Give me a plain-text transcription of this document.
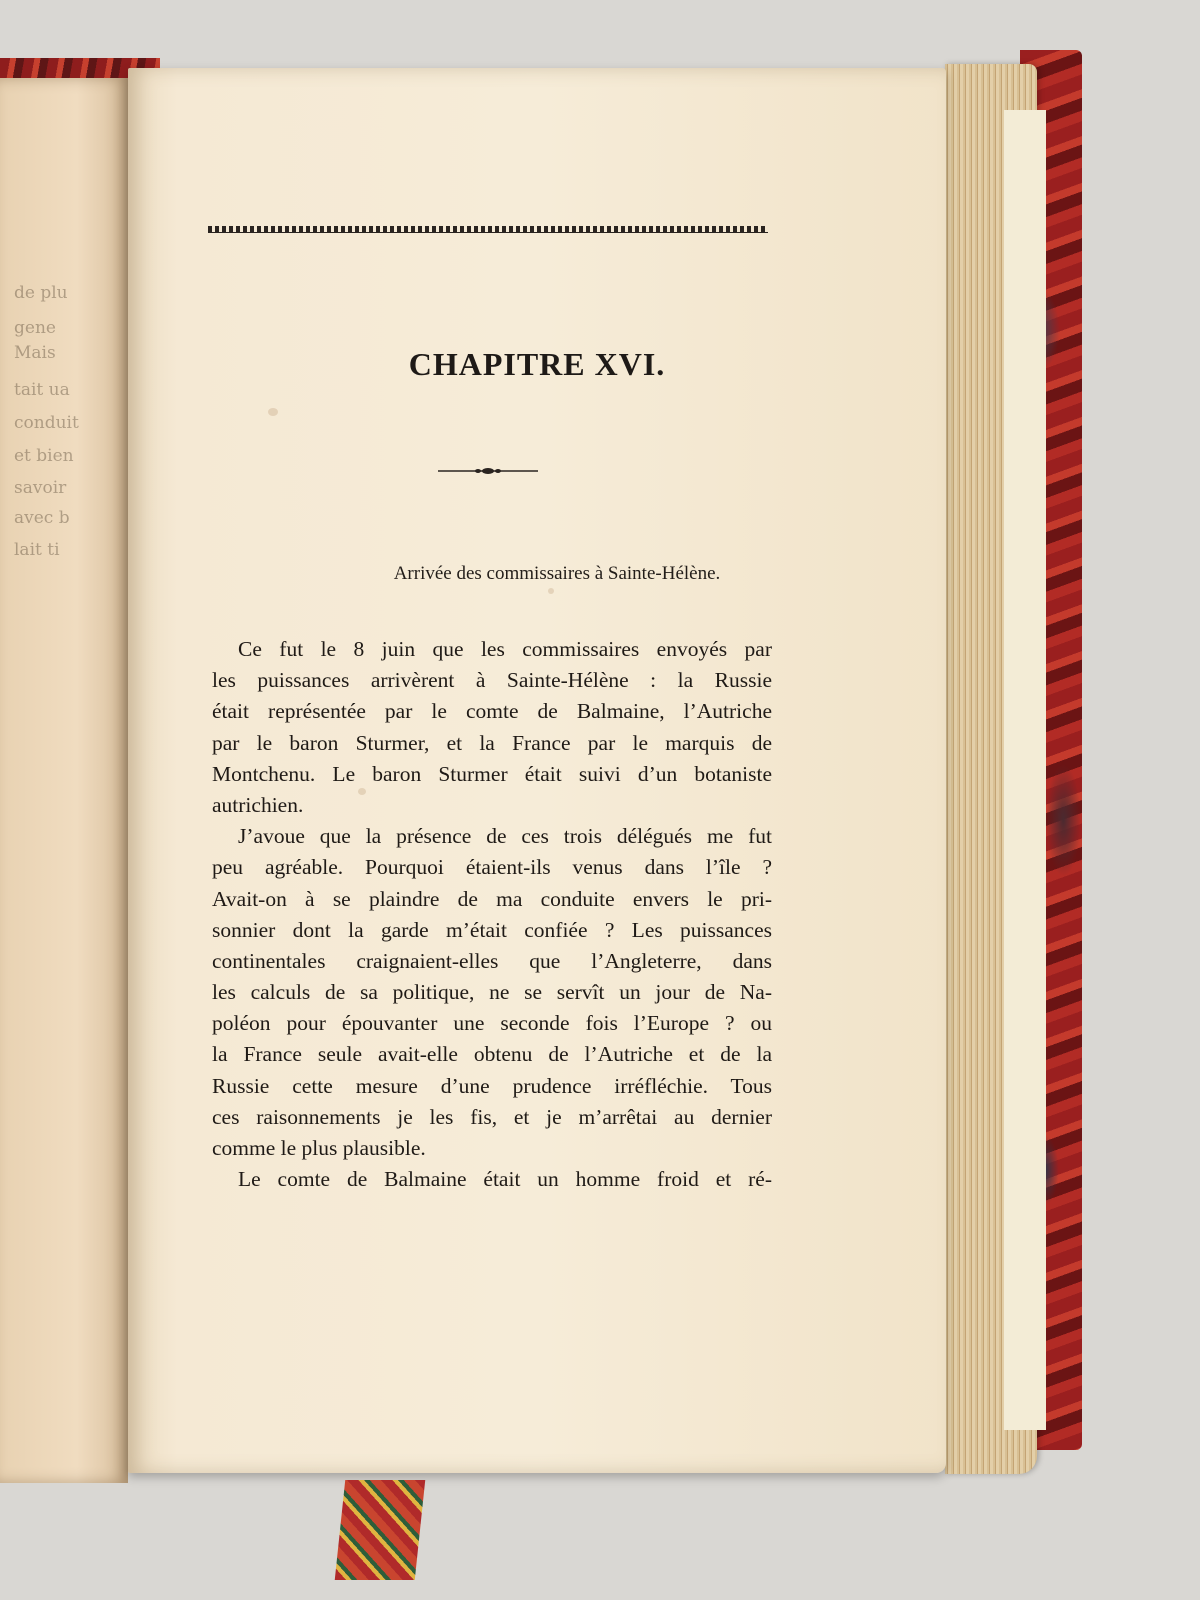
de plu
gene
Mais
tait ua
conduit
et bien
savoir
avec b
lait ti
CHAPITRE XVI.
Arrivée des commissaires à Sainte-Hélène.
Ce fut le 8 juin que les commissaires envoyés par
les puissances arrivèrent à Sainte-Hélène : la Russie
était représentée par le comte de Balmaine, l’Autriche
par le baron Sturmer, et la France par le marquis de
Montchenu. Le baron Sturmer était suivi d’un botaniste
autrichien.
J’avoue que la présence de ces trois délégués me fut
peu agréable. Pourquoi étaient-ils venus dans l’île ?
Avait-on à se plaindre de ma conduite envers le pri-
sonnier dont la garde m’était confiée ? Les puissances
continentales craignaient-elles que l’Angleterre, dans
les calculs de sa politique, ne se servît un jour de Na-
poléon pour épouvanter une seconde fois l’Europe ? ou
la France seule avait-elle obtenu de l’Autriche et de la
Russie cette mesure d’une prudence irréfléchie. Tous
ces raisonnements je les fis, et je m’arrêtai au dernier
comme le plus plausible.
Le comte de Balmaine était un homme froid et ré-
